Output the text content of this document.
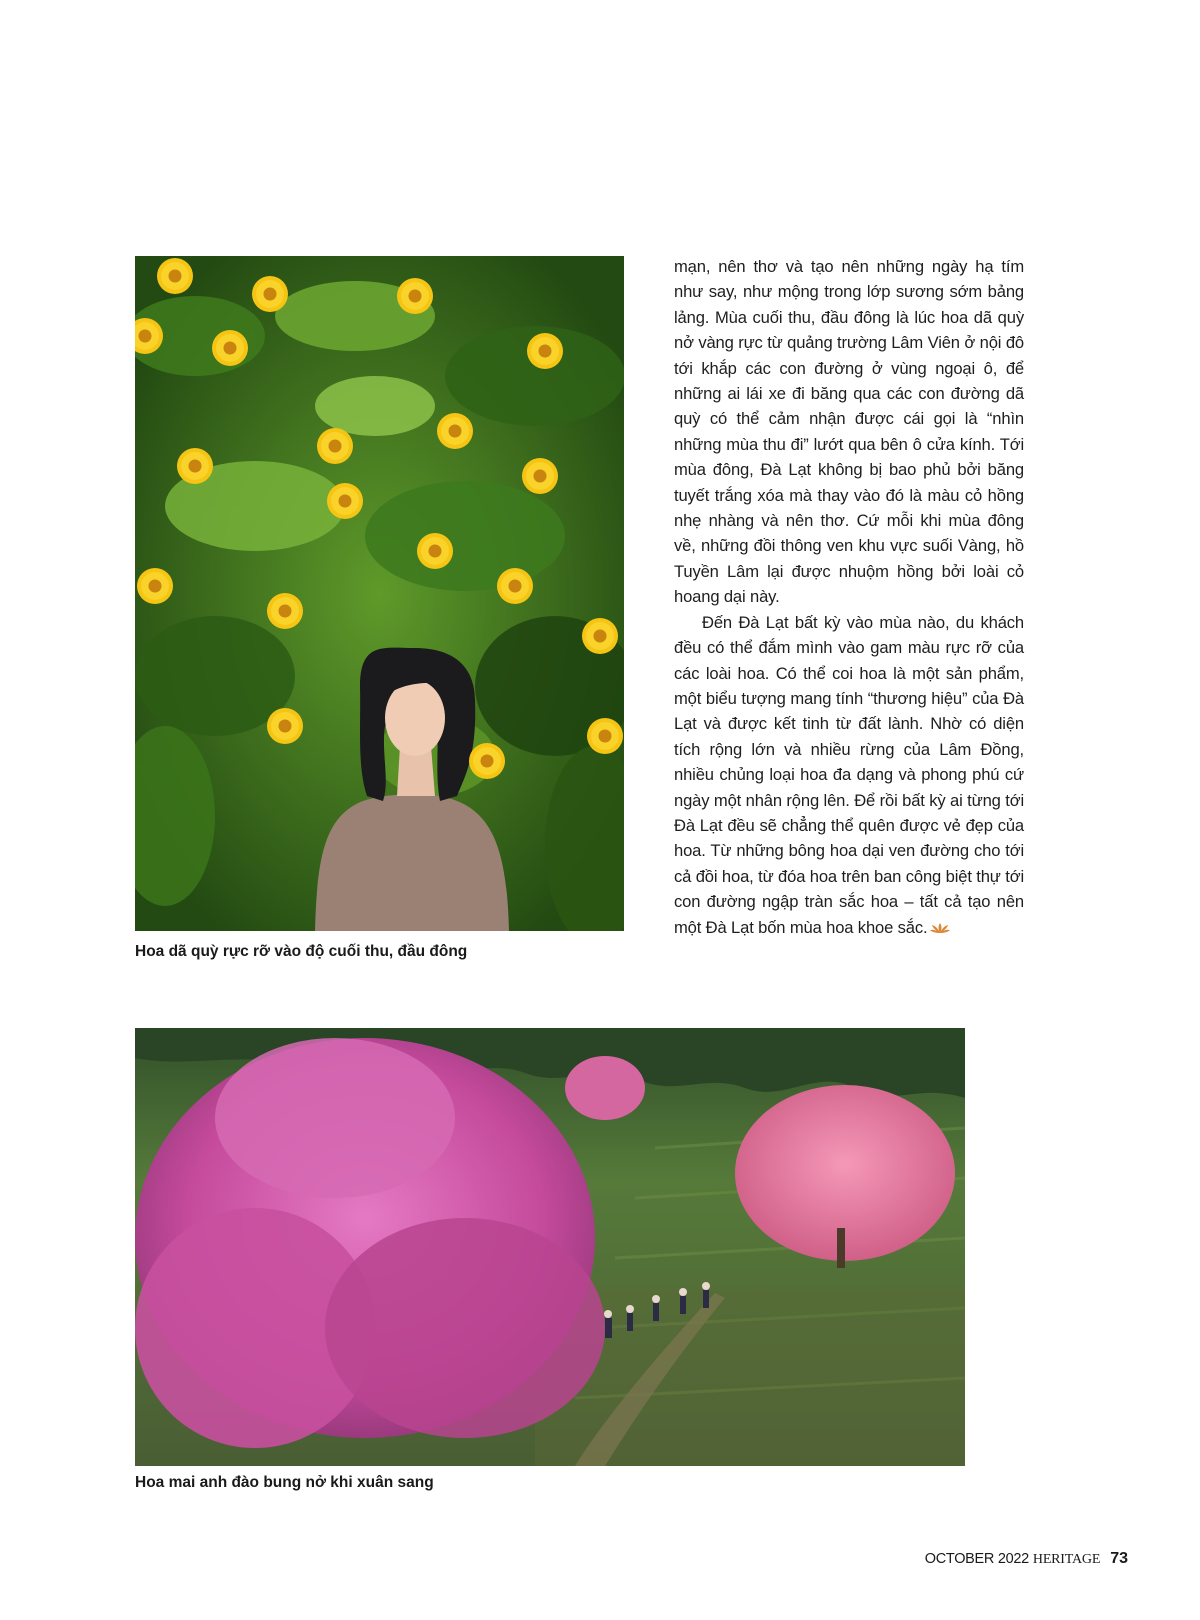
Hoa dã quỳ rực rỡ vào độ cuối thu, đầu đông

mạn, nên thơ và tạo nên những ngày hạ tím như say, như mộng trong lớp sương sớm bảng lảng. Mùa cuối thu, đầu đông là lúc hoa dã quỳ nở vàng rực từ quảng trường Lâm Viên ở nội đô tới khắp các con đường ở vùng ngoại ô, để những ai lái xe đi băng qua các con đường dã quỳ có thể cảm nhận được cái gọi là “nhìn những mùa thu đi” lướt qua bên ô cửa kính. Tới mùa đông, Đà Lạt không bị bao phủ bởi băng tuyết trắng xóa mà thay vào đó là màu cỏ hồng nhẹ nhàng và nên thơ. Cứ mỗi khi mùa đông về, những đồi thông ven khu vực suối Vàng, hồ Tuyền Lâm lại được nhuộm hồng bởi loài cỏ hoang dại này.

Đến Đà Lạt bất kỳ vào mùa nào, du khách đều có thể đắm mình vào gam màu rực rỡ của các loài hoa. Có thể coi hoa là một sản phẩm, một biểu tượng mang tính “thương hiệu” của Đà Lạt và được kết tinh từ đất lành. Nhờ có diện tích rộng lớn và nhiều rừng của Lâm Đồng, nhiều chủng loại hoa đa dạng và phong phú cứ ngày một nhân rộng lên. Để rồi bất kỳ ai từng tới Đà Lạt đều sẽ chẳng thể quên được vẻ đẹp của hoa. Từ những bông hoa dại ven đường cho tới cả đồi hoa, từ đóa hoa trên ban công biệt thự tới con đường ngập tràn sắc hoa – tất cả tạo nên một Đà Lạt bốn mùa hoa khoe sắc.

Hoa mai anh đào bung nở khi xuân sang
OCTOBER 2022 HERITAGE 73
